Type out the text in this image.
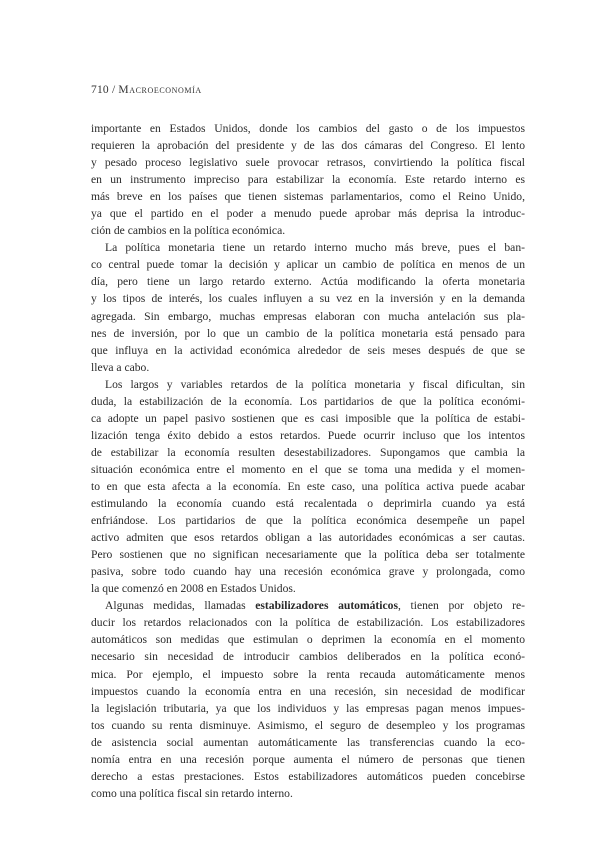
710 / Macroeconomía
importante en Estados Unidos, donde los cambios del gasto o de los impuestos
requieren la aprobación del presidente y de las dos cámaras del Congreso. El lento
y pesado proceso legislativo suele provocar retrasos, convirtiendo la política fiscal
en un instrumento impreciso para estabilizar la economía. Este retardo interno es
más breve en los países que tienen sistemas parlamentarios, como el Reino Unido,
ya que el partido en el poder a menudo puede aprobar más deprisa la introduc-
ción de cambios en la política económica.
La política monetaria tiene un retardo interno mucho más breve, pues el ban-
co central puede tomar la decisión y aplicar un cambio de política en menos de un
día, pero tiene un largo retardo externo. Actúa modificando la oferta monetaria
y los tipos de interés, los cuales influyen a su vez en la inversión y en la demanda
agregada. Sin embargo, muchas empresas elaboran con mucha antelación sus pla-
nes de inversión, por lo que un cambio de la política monetaria está pensado para
que influya en la actividad económica alrededor de seis meses después de que se
lleva a cabo.
Los largos y variables retardos de la política monetaria y fiscal dificultan, sin
duda, la estabilización de la economía. Los partidarios de que la política económi-
ca adopte un papel pasivo sostienen que es casi imposible que la política de estabi-
lización tenga éxito debido a estos retardos. Puede ocurrir incluso que los intentos
de estabilizar la economía resulten desestabilizadores. Supongamos que cambia la
situación económica entre el momento en el que se toma una medida y el momen-
to en que esta afecta a la economía. En este caso, una política activa puede acabar
estimulando la economía cuando está recalentada o deprimirla cuando ya está
enfriándose. Los partidarios de que la política económica desempeñe un papel
activo admiten que esos retardos obligan a las autoridades económicas a ser cautas.
Pero sostienen que no significan necesariamente que la política deba ser totalmente
pasiva, sobre todo cuando hay una recesión económica grave y prolongada, como
la que comenzó en 2008 en Estados Unidos.
Algunas medidas, llamadas estabilizadores automáticos, tienen por objeto re-
ducir los retardos relacionados con la política de estabilización. Los estabilizadores
automáticos son medidas que estimulan o deprimen la economía en el momento
necesario sin necesidad de introducir cambios deliberados en la política econó-
mica. Por ejemplo, el impuesto sobre la renta recauda automáticamente menos
impuestos cuando la economía entra en una recesión, sin necesidad de modificar
la legislación tributaria, ya que los individuos y las empresas pagan menos impues-
tos cuando su renta disminuye. Asimismo, el seguro de desempleo y los programas
de asistencia social aumentan automáticamente las transferencias cuando la eco-
nomía entra en una recesión porque aumenta el número de personas que tienen
derecho a estas prestaciones. Estos estabilizadores automáticos pueden concebirse
como una política fiscal sin retardo interno.
